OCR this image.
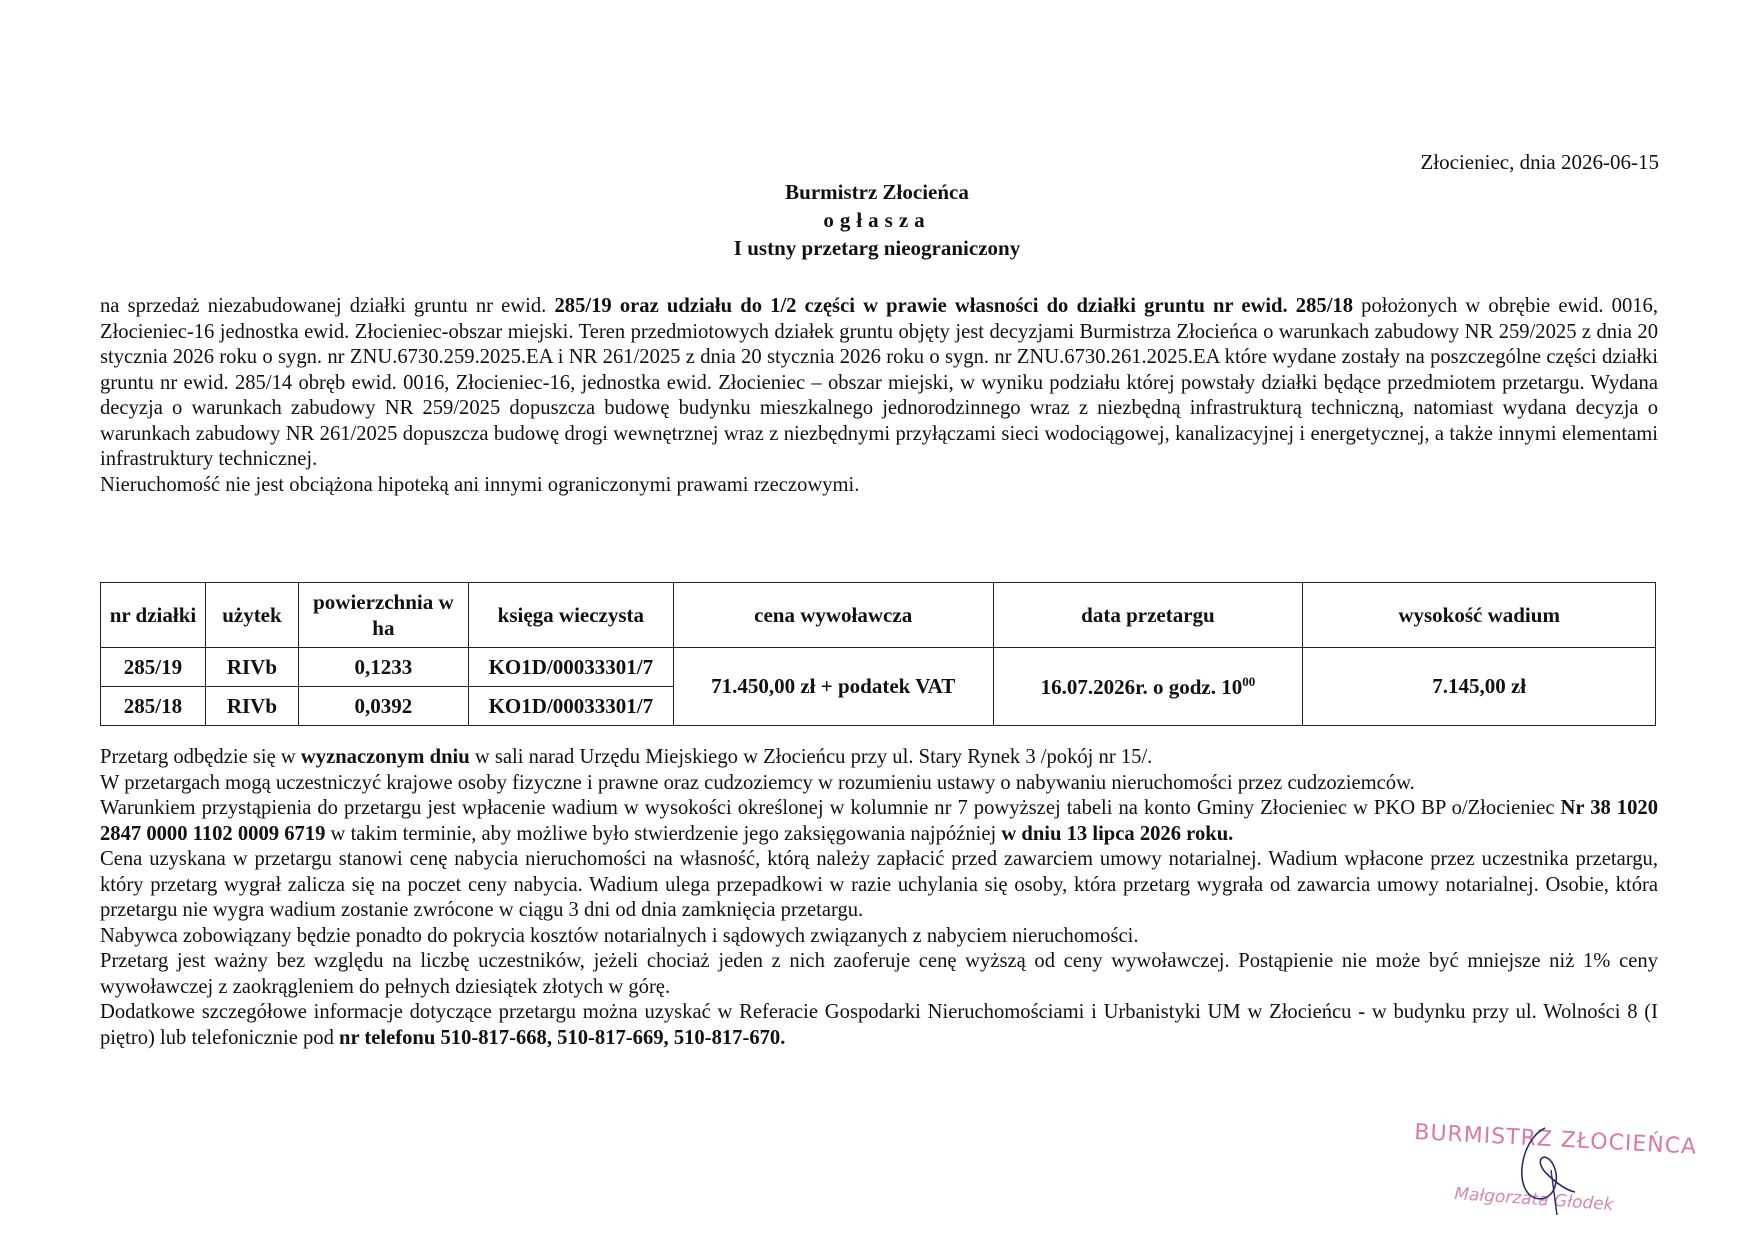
Złocieniec, dnia 2026-06-15
Burmistrz Złocieńca
ogłasza
I ustny przetarg nieograniczony

na sprzedaż niezabudowanej działki gruntu nr ewid. 285/19 oraz udziału do 1/2 części w prawie własności do działki gruntu nr ewid. 285/18 położonych w obrębie ewid. 0016, Złocieniec-16 jednostka ewid. Złocieniec-obszar miejski. Teren przedmiotowych działek gruntu objęty jest decyzjami Burmistrza Złocieńca o warunkach zabudowy NR 259/2025 z dnia 20 stycznia 2026 roku o sygn. nr ZNU.6730.259.2025.EA i NR 261/2025 z dnia 20 stycznia 2026 roku o sygn. nr ZNU.6730.261.2025.EA które wydane zostały na poszczególne części działki gruntu nr ewid. 285/14 obręb ewid. 0016, Złocieniec-16, jednostka ewid. Złocieniec – obszar miejski, w wyniku podziału której powstały działki będące przedmiotem przetargu. Wydana decyzja o warunkach zabudowy NR 259/2025 dopuszcza budowę budynku mieszkalnego jednorodzinnego wraz z niezbędną infrastrukturą techniczną, natomiast wydana decyzja o warunkach zabudowy NR 261/2025 dopuszcza budowę drogi wewnętrznej wraz z niezbędnymi przyłączami sieci wodociągowej, kanalizacyjnej i energetycznej, a także innymi elementami infrastruktury technicznej.

Nieruchomość nie jest obciążona hipoteką ani innymi ograniczonymi prawami rzeczowymi.

nr działki	użytek	powierzchnia w ha	księga wieczysta	cena wywoławcza	data przetargu	wysokość wadium
285/19	RIVb	0,1233	KO1D/00033301/7	71.450,00 zł + podatek VAT	16.07.2026r. o godz. $10^{00}$	7.145,00 zł
285/18	RIVb	0,0392	KO1D/00033301/7			

Przetarg odbędzie się w wyznaczonym dniu w sali narad Urzędu Miejskiego w Złocieńcu przy ul. Stary Rynek 3 /pokój nr 15/.

W przetargach mogą uczestniczyć krajowe osoby fizyczne i prawne oraz cudzoziemcy w rozumieniu ustawy o nabywaniu nieruchomości przez cudzoziemców.

Warunkiem przystąpienia do przetargu jest wpłacenie wadium w wysokości określonej w kolumnie nr 7 powyższej tabeli na konto Gminy Złocieniec w PKO BP o/Złocieniec Nr 38 1020 2847 0000 1102 0009 6719 w takim terminie, aby możliwe było stwierdzenie jego zaksięgowania najpóźniej w dniu 13 lipca 2026 roku.

Cena uzyskana w przetargu stanowi cenę nabycia nieruchomości na własność, którą należy zapłacić przed zawarciem umowy notarialnej. Wadium wpłacone przez uczestnika przetargu, który przetarg wygrał zalicza się na poczet ceny nabycia. Wadium ulega przepadkowi w razie uchylania się osoby, która przetarg wygrała od zawarcia umowy notarialnej. Osobie, która przetargu nie wygra wadium zostanie zwrócone w ciągu 3 dni od dnia zamknięcia przetargu.

Nabywca zobowiązany będzie ponadto do pokrycia kosztów notarialnych i sądowych związanych z nabyciem nieruchomości.

Przetarg jest ważny bez względu na liczbę uczestników, jeżeli chociaż jeden z nich zaoferuje cenę wyższą od ceny wywoławczej. Postąpienie nie może być mniejsze niż 1% ceny wywoławczej z zaokrągleniem do pełnych dziesiątek złotych w górę.

Dodatkowe szczegółowe informacje dotyczące przetargu można uzyskać w Referacie Gospodarki Nieruchomościami i Urbanistyki UM w Złocieńcu - w budynku przy ul. Wolności 8 (I piętro) lub telefonicznie pod nr telefonu 510-817-668, 510-817-669, 510-817-670.

BURMISTRZ ZŁOCIEŃCA
Małgorzata Głodek
